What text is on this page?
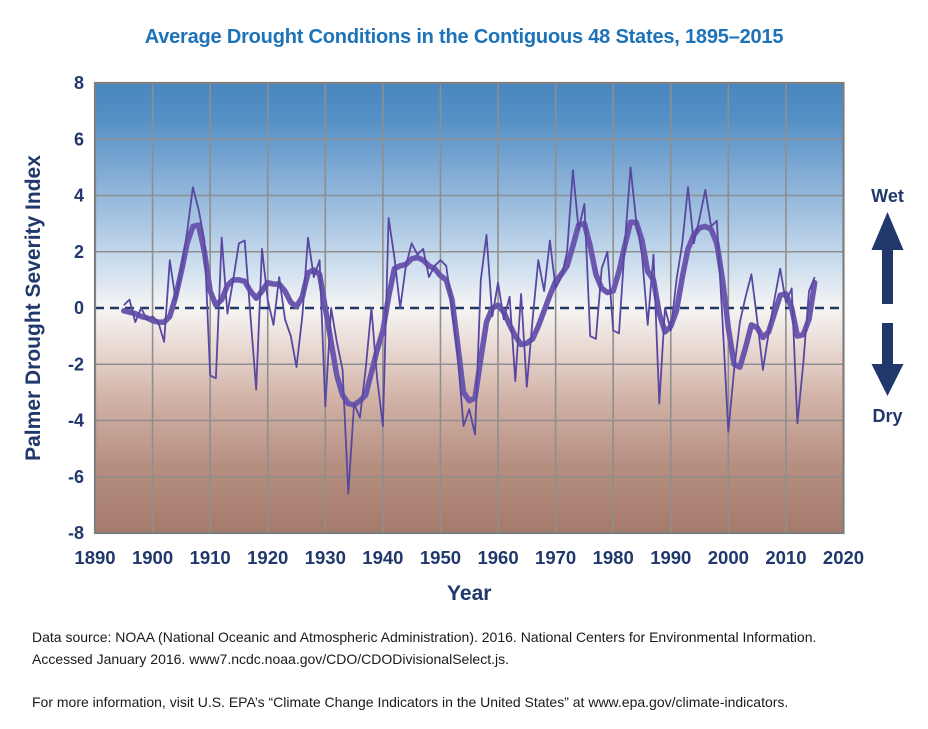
Average Drought Conditions in the Contiguous 48 States, 1895–2015
8
6
4
2
0
-2
-4
-6
-8
1890 1900 1910 1920 1930 1940 1950 1960 1970 1980 1990 2000 2010 2020
Palmer Drought Severity Index
Year
Wet
Dry
Data source: NOAA (National Oceanic and Atmospheric Administration). 2016. National Centers for Environmental Information.
Accessed January 2016. www7.ncdc.noaa.gov/CDO/CDODivisionalSelect.js.
For more information, visit U.S. EPA’s “Climate Change Indicators in the United States” at www.epa.gov/climate-indicators.
